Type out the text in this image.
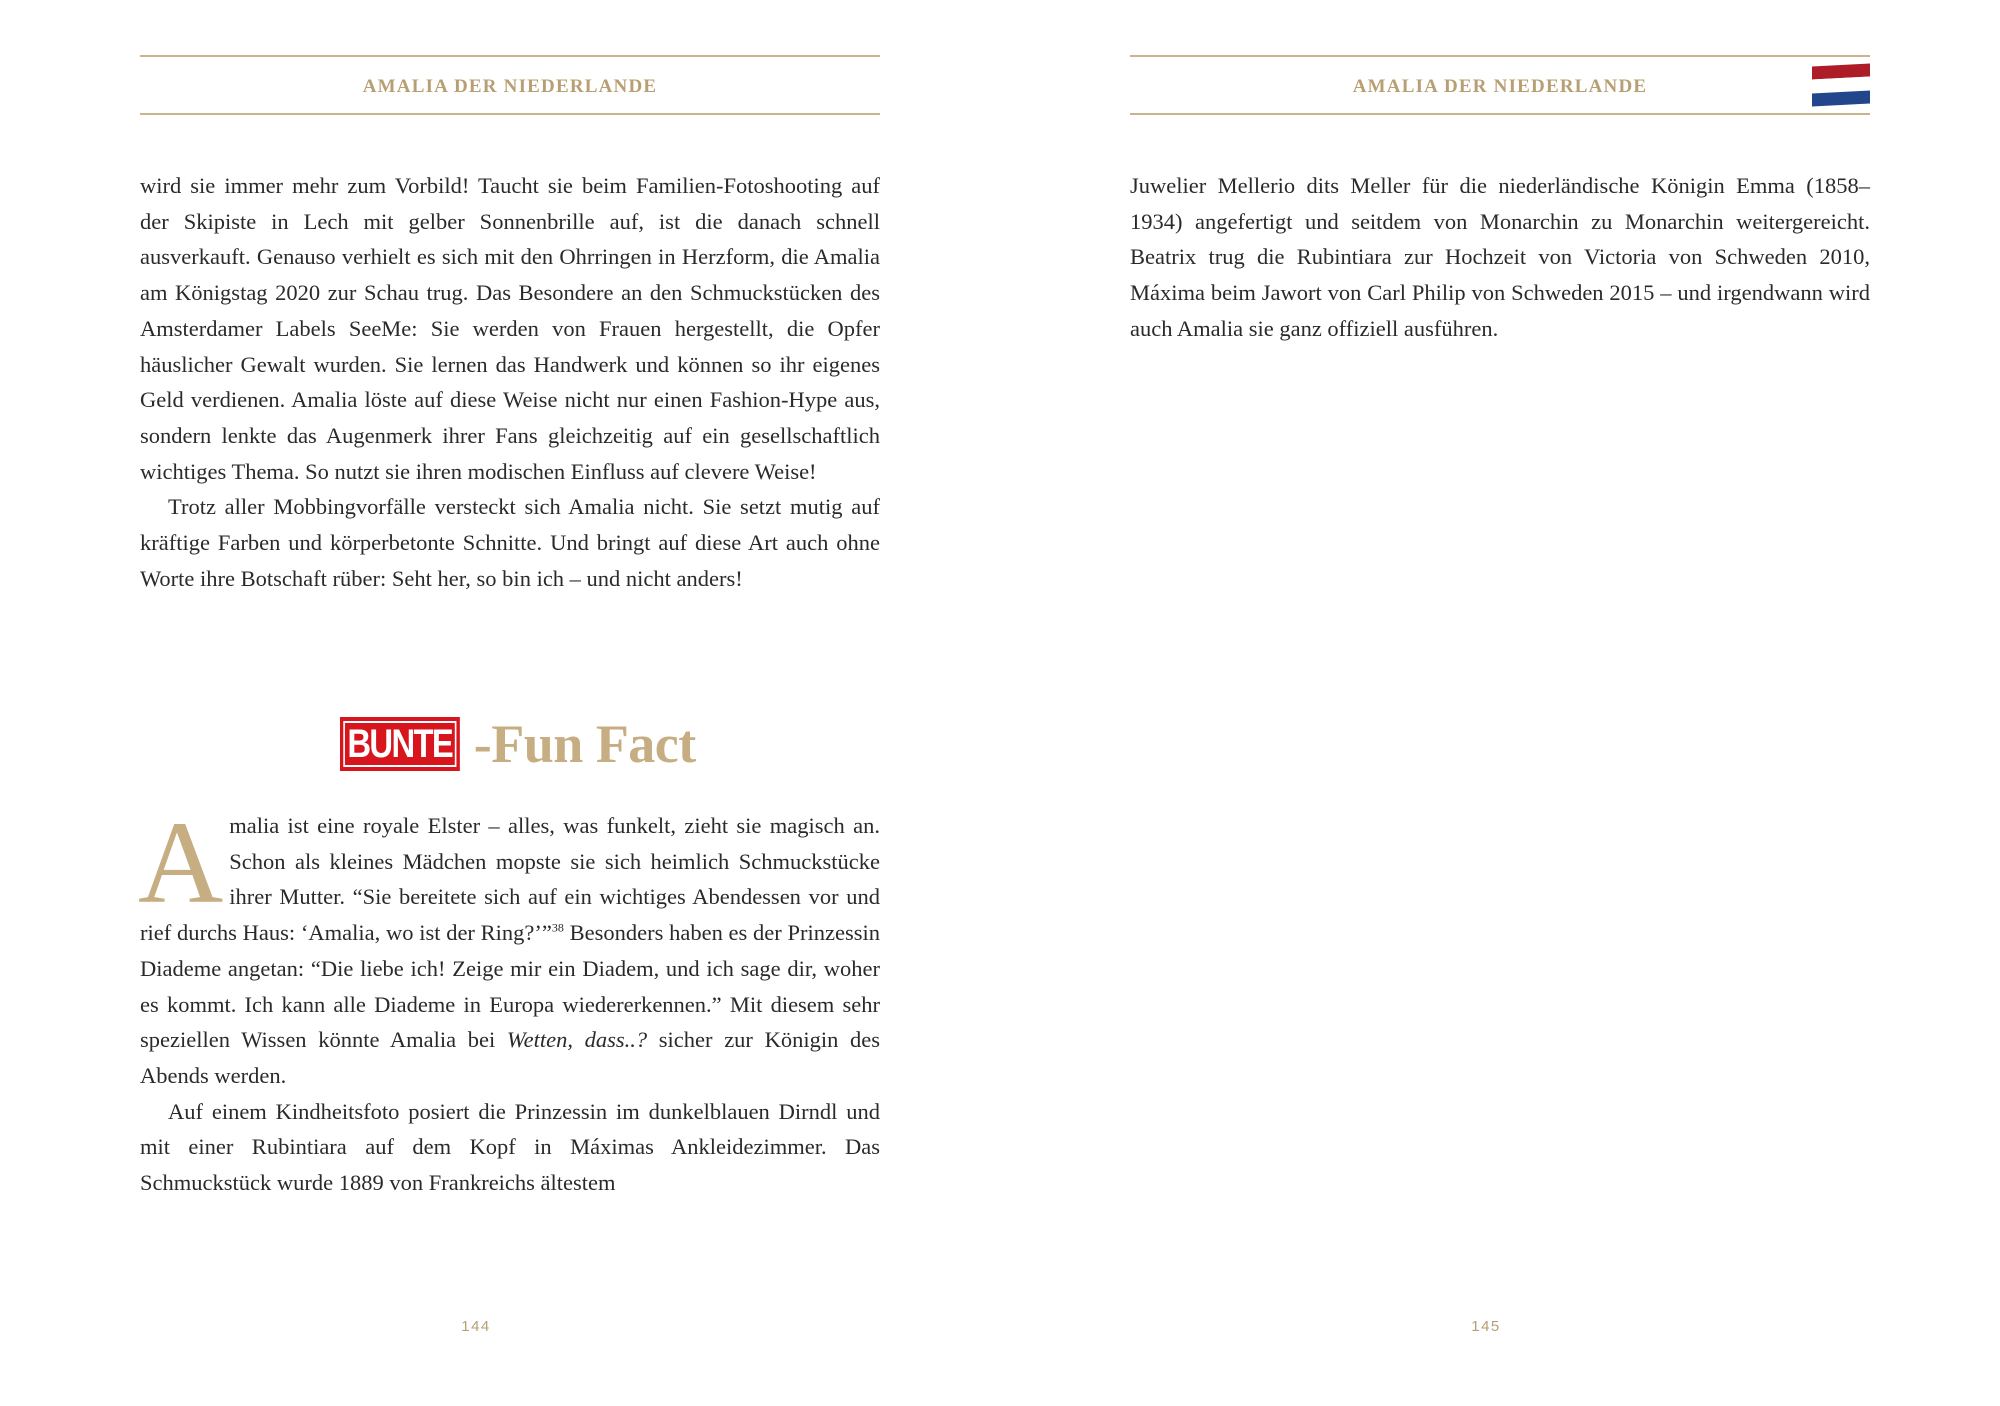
AMALIA DER NIEDERLANDE

wird sie immer mehr zum Vorbild! Taucht sie beim Familien-Fotoshooting auf der Skipiste in Lech mit gelber Sonnenbrille auf, ist die danach schnell ausverkauft. Genauso verhielt es sich mit den Ohrringen in Herzform, die Amalia am Königstag 2020 zur Schau trug. Das Besondere an den Schmuckstücken des Amsterdamer Labels SeeMe: Sie werden von Frauen hergestellt, die Opfer häuslicher Gewalt wurden. Sie lernen das Handwerk und können so ihr eigenes Geld verdienen. Amalia löste auf diese Weise nicht nur einen Fashion-Hype aus, sondern lenkte das Augenmerk ihrer Fans gleichzeitig auf ein gesellschaftlich wichtiges Thema. So nutzt sie ihren modischen Einfluss auf clevere Weise!

Trotz aller Mobbingvorfälle versteckt sich Amalia nicht. Sie setzt mutig auf kräftige Farben und körperbetonte Schnitte. Und bringt auf diese Art auch ohne Worte ihre Botschaft rüber: Seht her, so bin ich – und nicht anders!

BUNTE -Fun Fact

Amalia ist eine royale Elster – alles, was funkelt, zieht sie magisch an. Schon als kleines Mädchen mopste sie sich heimlich Schmuckstücke ihrer Mutter. “Sie bereitete sich auf ein wichtiges Abendessen vor und rief durchs Haus: ‘Amalia, wo ist der Ring?’”$^{38}$ Besonders haben es der Prinzessin Diademe angetan: “Die liebe ich! Zeige mir ein Diadem, und ich sage dir, woher es kommt. Ich kann alle Diademe in Europa wiedererkennen.” Mit diesem sehr speziellen Wissen könnte Amalia bei Wetten, dass..? sicher zur Königin des Abends werden.

Auf einem Kindheitsfoto posiert die Prinzessin im dunkelblauen Dirndl und mit einer Rubintiara auf dem Kopf in Máximas Ankleidezimmer. Das Schmuckstück wurde 1889 von Frankreichs ältestem

144
AMALIA DER NIEDERLANDE

Juwelier Mellerio dits Meller für die niederländische Königin Emma (1858–1934) angefertigt und seitdem von Monarchin zu Monarchin weitergereicht. Beatrix trug die Rubintiara zur Hochzeit von Victoria von Schweden 2010, Máxima beim Jawort von Carl Philip von Schweden 2015 – und irgendwann wird auch Amalia sie ganz offiziell ausführen.

145
